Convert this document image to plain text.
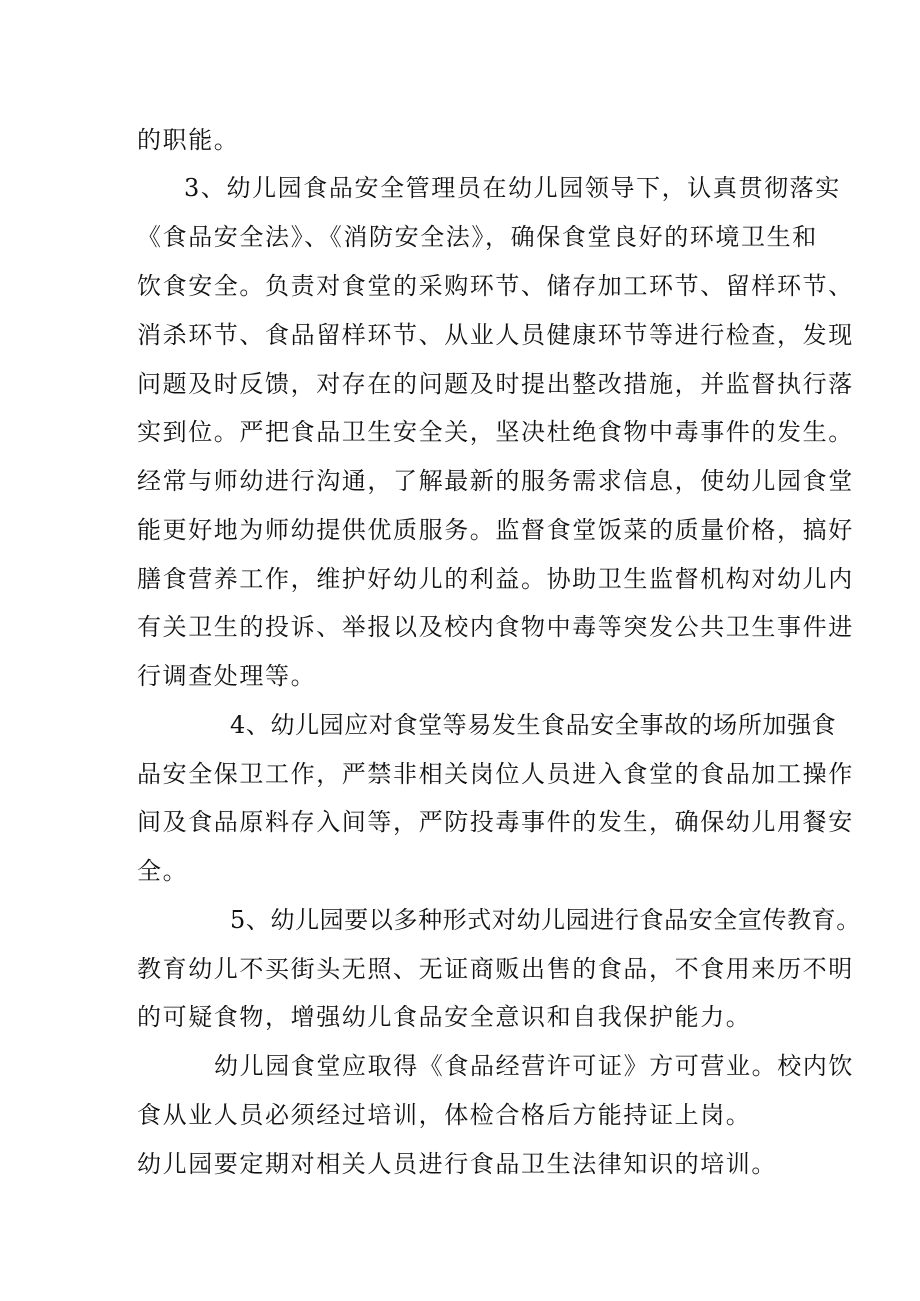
的职能。
3、幼儿园食品安全管理员在幼儿园领导下，认真贯彻落实
《食品安全法》、《消防安全法》，确保食堂良好的环境卫生和
饮食安全。负责对食堂的采购环节、储存加工环节、留样环节、
消杀环节、食品留样环节、从业人员健康环节等进行检查，发现
问题及时反馈，对存在的问题及时提出整改措施，并监督执行落
实到位。严把食品卫生安全关，坚决杜绝食物中毒事件的发生。
经常与师幼进行沟通，了解最新的服务需求信息，使幼儿园食堂
能更好地为师幼提供优质服务。监督食堂饭菜的质量价格，搞好
膳食营养工作，维护好幼儿的利益。协助卫生监督机构对幼儿内
有关卫生的投诉、举报以及校内食物中毒等突发公共卫生事件进
行调查处理等。
4、幼儿园应对食堂等易发生食品安全事故的场所加强食
品安全保卫工作，严禁非相关岗位人员进入食堂的食品加工操作
间及食品原料存入间等，严防投毒事件的发生，确保幼儿用餐安
全。
5、幼儿园要以多种形式对幼儿园进行食品安全宣传教育。
教育幼儿不买街头无照、无证商贩出售的食品，不食用来历不明
的可疑食物，增强幼儿食品安全意识和自我保护能力。
幼儿园食堂应取得《食品经营许可证》方可营业。校内饮
食从业人员必须经过培训，体检合格后方能持证上岗。
幼儿园要定期对相关人员进行食品卫生法律知识的培训。
